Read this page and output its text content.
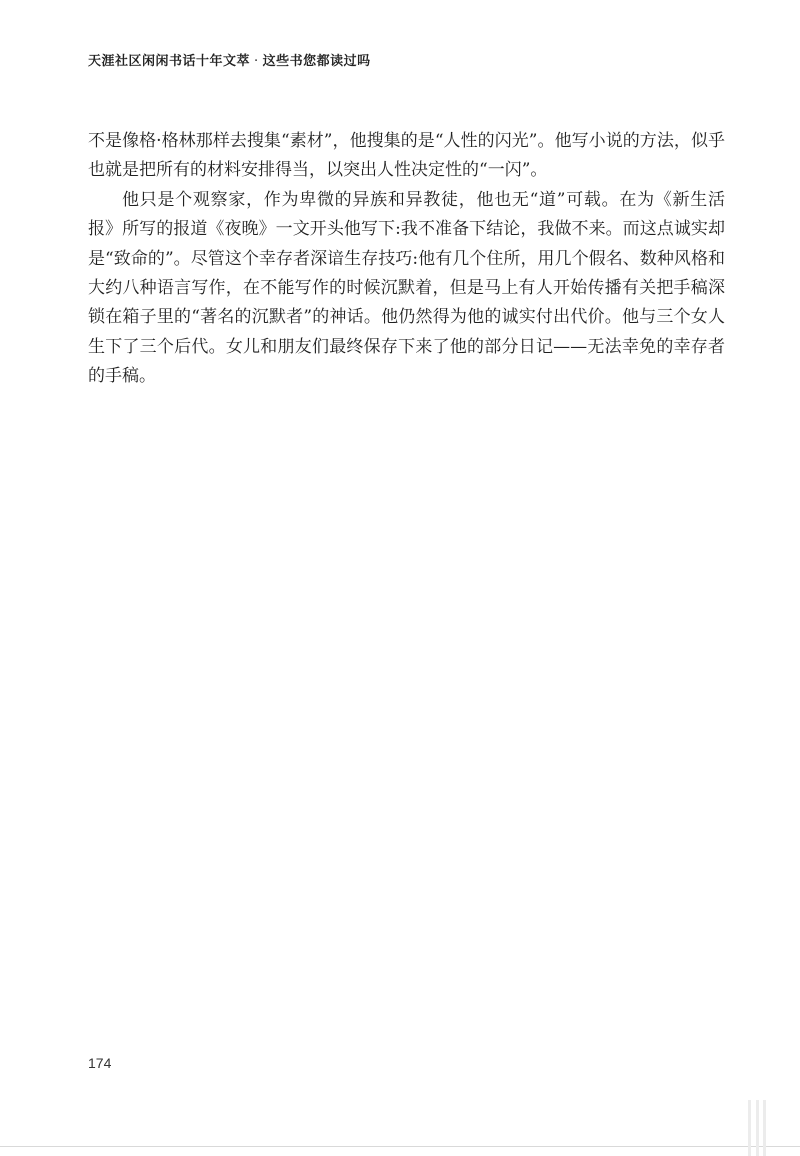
天涯社区闲闲书话十年文萃 · 这些书您都读过吗

不是像格·格林那样去搜集“素材”，他搜集的是“人性的闪光”。他写小说的方法，似乎也就是把所有的材料安排得当，以突出人性决定性的“一闪”。

他只是个观察家，作为卑微的异族和异教徒，他也无“道”可载。在为《新生活报》所写的报道《夜晚》一文开头他写下:我不准备下结论，我做不来。而这点诚实却是“致命的”。尽管这个幸存者深谙生存技巧:他有几个住所，用几个假名、数种风格和大约八种语言写作，在不能写作的时候沉默着，但是马上有人开始传播有关把手稿深锁在箱子里的“著名的沉默者”的神话。他仍然得为他的诚实付出代价。他与三个女人生下了三个后代。女儿和朋友们最终保存下来了他的部分日记——无法幸免的幸存者的手稿。

174
